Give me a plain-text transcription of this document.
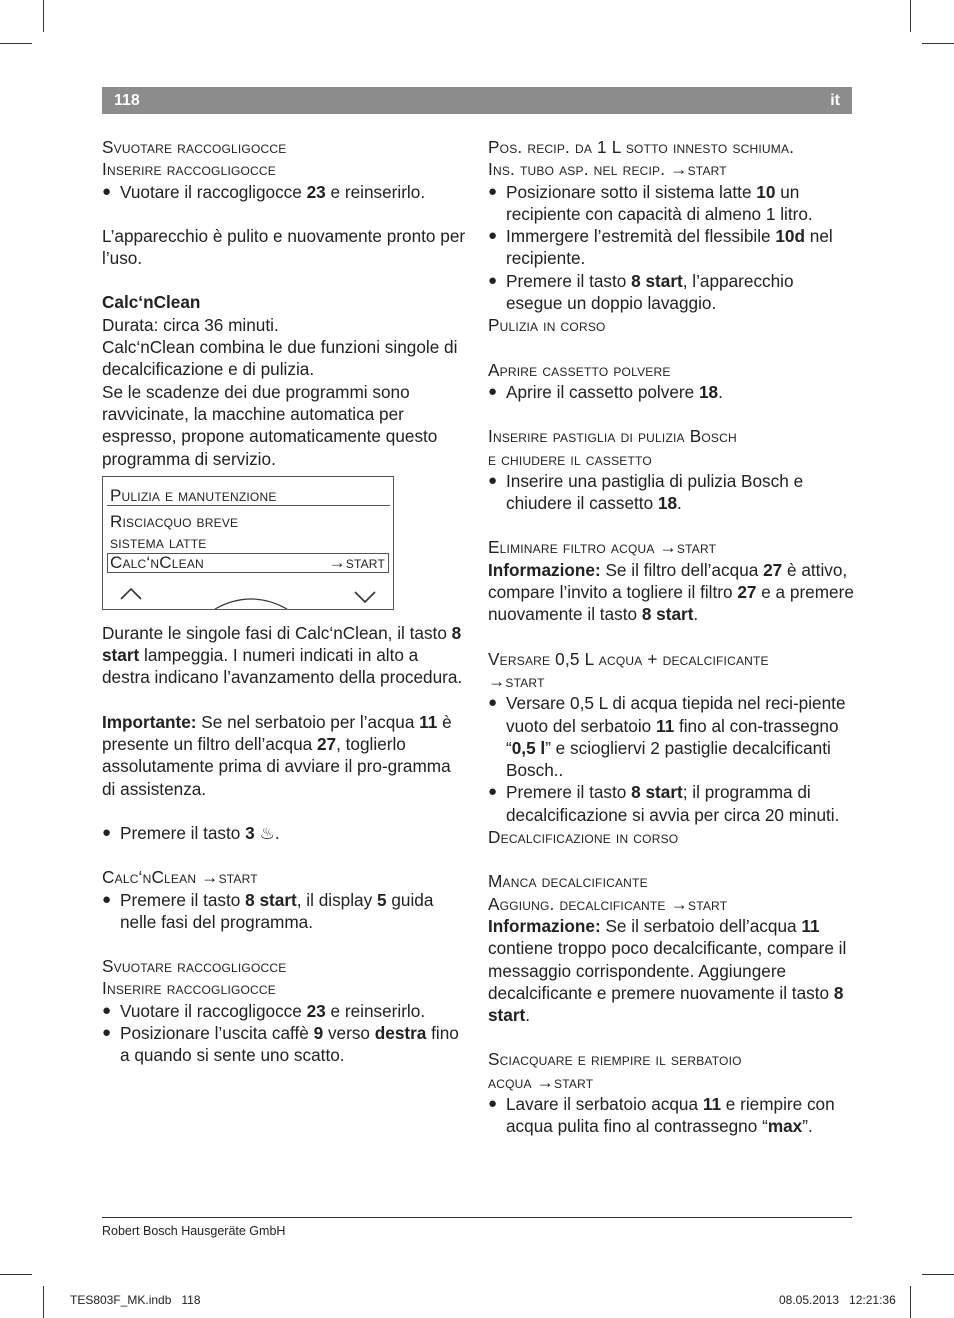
118	it
Svuotare raccogligocce
Inserire raccogligocce
● Vuotare il raccogligocce 23 e reinserirlo.
L’apparecchio è pulito e nuovamente pronto per l’uso.
Calc‘nClean
Durata: circa 36 minuti.
Calc‘nClean combina le due funzioni singole di decalcificazione e di pulizia.
Se le scadenze dei due programmi sono ravvicinate, la macchine automatica per espresso, propone automaticamente questo programma di servizio.
Pulizia e manutenzione
Risciacquo breve
sistema latte
Calc‘nClean	→start
Durante le singole fasi di Calc‘nClean, il tasto 8 start lampeggia. I numeri indicati in alto a destra indicano l’avanzamento della procedura.
Importante: Se nel serbatoio per l’acqua 11 è presente un filtro dell’acqua 27, toglierlo assolutamente prima di avviare il pro-gramma di assistenza.
● Premere il tasto 3 ♨.
Calc‘nClean →start
● Premere il tasto 8 start, il display 5 guida nelle fasi del programma.
Svuotare raccogligocce
Inserire raccogligocce
● Vuotare il raccogligocce 23 e reinserirlo.
● Posizionare l’uscita caffè 9 verso destra fino a quando si sente uno scatto.
Pos. recip. da 1 L sotto innesto schiuma.
Ins. tubo asp. nel recip. →start
● Posizionare sotto il sistema latte 10 un recipiente con capacità di almeno 1 litro.
● Immergere l’estremità del flessibile 10d nel recipiente.
● Premere il tasto 8 start, l’apparecchio esegue un doppio lavaggio.
Pulizia in corso
Aprire cassetto polvere
● Aprire il cassetto polvere 18.
Inserire pastiglia di pulizia Bosch
e chiudere il cassetto
● Inserire una pastiglia di pulizia Bosch e chiudere il cassetto 18.
Eliminare filtro acqua →start
Informazione: Se il filtro dell’acqua 27 è attivo, compare l’invito a togliere il filtro 27 e a premere nuovamente il tasto 8 start.
Versare 0,5 L acqua + decalcificante
→start
● Versare 0,5 L di acqua tiepida nel reci-piente vuoto del serbatoio 11 fino al con-trassegno “0,5 l” e sciogliervi 2 pastiglie decalcificanti Bosch..
● Premere il tasto 8 start; il programma di decalcificazione si avvia per circa 20 minuti.
Decalcificazione in corso
Manca decalcificante
Aggiung. decalcificante →start
Informazione: Se il serbatoio dell’acqua 11 contiene troppo poco decalcificante, compare il messaggio corrispondente. Aggiungere decalcificante e premere nuovamente il tasto 8 start.
Sciacquare e riempire il serbatoio
acqua →start
● Lavare il serbatoio acqua 11 e riempire con acqua pulita fino al contrassegno “max”.
Robert Bosch Hausgeräte GmbH
TES803F_MK.indb   118	08.05.2013   12:21:36
